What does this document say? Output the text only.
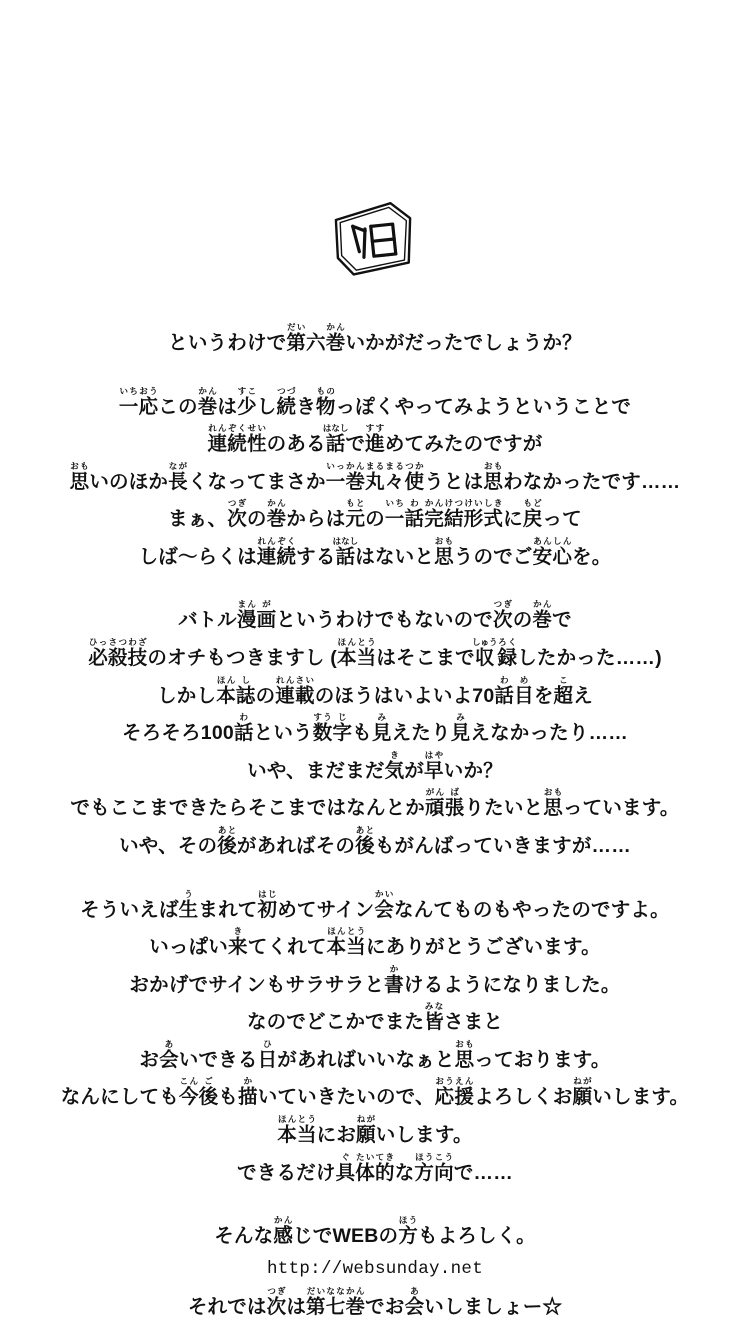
というわけで第だい六巻かんいかがだったでしょうか？

一いち応おうこの巻かんは少すこし続つづき物ものっぽくやってみようということで
連れん続ぞく性せいのある話はなしで進すすめてみたのですが
思おもいのほか長ながくなってまさか一いっ巻かん丸まる々まる使つかうとは思おもわなかったです……
まぁ、次つぎの巻かんからは元もとの一いち話わ完かん結けつ形けい式しきに戻もどって
しば〜らくは連れん続ぞくする話はなしはないと思おもうのでご安あん心しんを。

バトル漫まん画がというわけでもないので次つぎの巻かんで
必ひっ殺さつ技わざのオチもつきますし (本ほん当とうはそこまで収しゅう録ろくしたかった……)
しかし本ほん誌しの連れん載さいのほうはいよいよ70話わ目めを超こえ
そろそろ100話わという数すう字じも見みえたり見みえなかったり……
いや、まだまだ気きが早はやいか？
でもここまできたらそこまではなんとか頑がん張ばりたいと思おもっています。
いや、その後あとがあればその後あともがんばっていきますが……

そういえば生うまれて初はじめてサイン会かいなんてものもやったのですよ。
いっぱい来きてくれて本ほん当とうにありがとうございます。
おかげでサインもサラサラと書かけるようになりました。
なのでどこかでまた皆みなさまと
お会あいできる日ひがあればいいなぁと思おもっております。
なんにしても今こん後ごも描かいていきたいので、応おう援えんよろしくお願ねがいします。
本ほん当とうにお願ねがいします。
できるだけ具ぐ体たい的てきな方ほう向こうで……

そんな感かんじでWEBの方ほうもよろしく。
http://websunday.net
それでは次つぎは第だい七なな巻かんでお会あいしましょー☆
